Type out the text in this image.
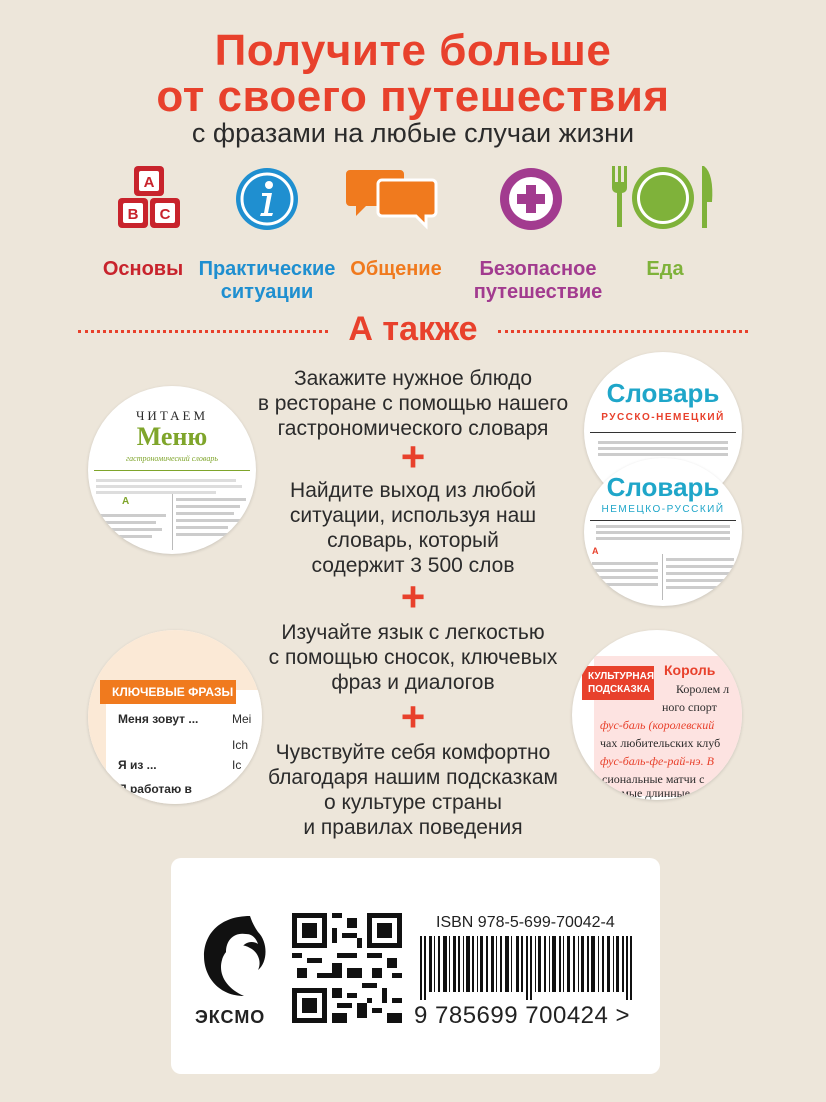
Получите больше
от своего путешествия
с фразами на любые случаи жизни
A
B C
Основы Практические
ситуации
Общение	Безопасное
путешествие
Еда
А также
Закажите нужное блюдо
в ресторане с помощью нашего
гастрономического словаря
+
Найдите выход из любой
ситуации, используя наш
словарь, который
содержит 3 500 слов
+
Изучайте язык с легкостью
с помощью сносок, ключевых
фраз и диалогов
+
Чувствуйте себя комфортно
благодаря нашим подсказкам
о культуре страны
и правилах поведения
ЧИТАЕМ
Меню
гастрономический словарь
A
Словарь
РУССКО-НЕМЕЦКИЙ
Словарь
НЕМЕЦКО-РУССКИЙ
A
КЛЮЧЕВЫЕ ФРАЗЫ
Меня зовут ...	Mei
Ich
Я из ...	Ic
Я работаю в
КУЛЬТУРНАЯ
ПОДСКАЗКА
Король
Королем л
ного спорт
фус-баль (королевский
чах любительских клуб
фус-баль-фе-рай-нэ. В
сиональные матчи с
Самые длинные с
ЭКСМО
ISBN 978-5-699-70042-4
9 785699 700424 >
